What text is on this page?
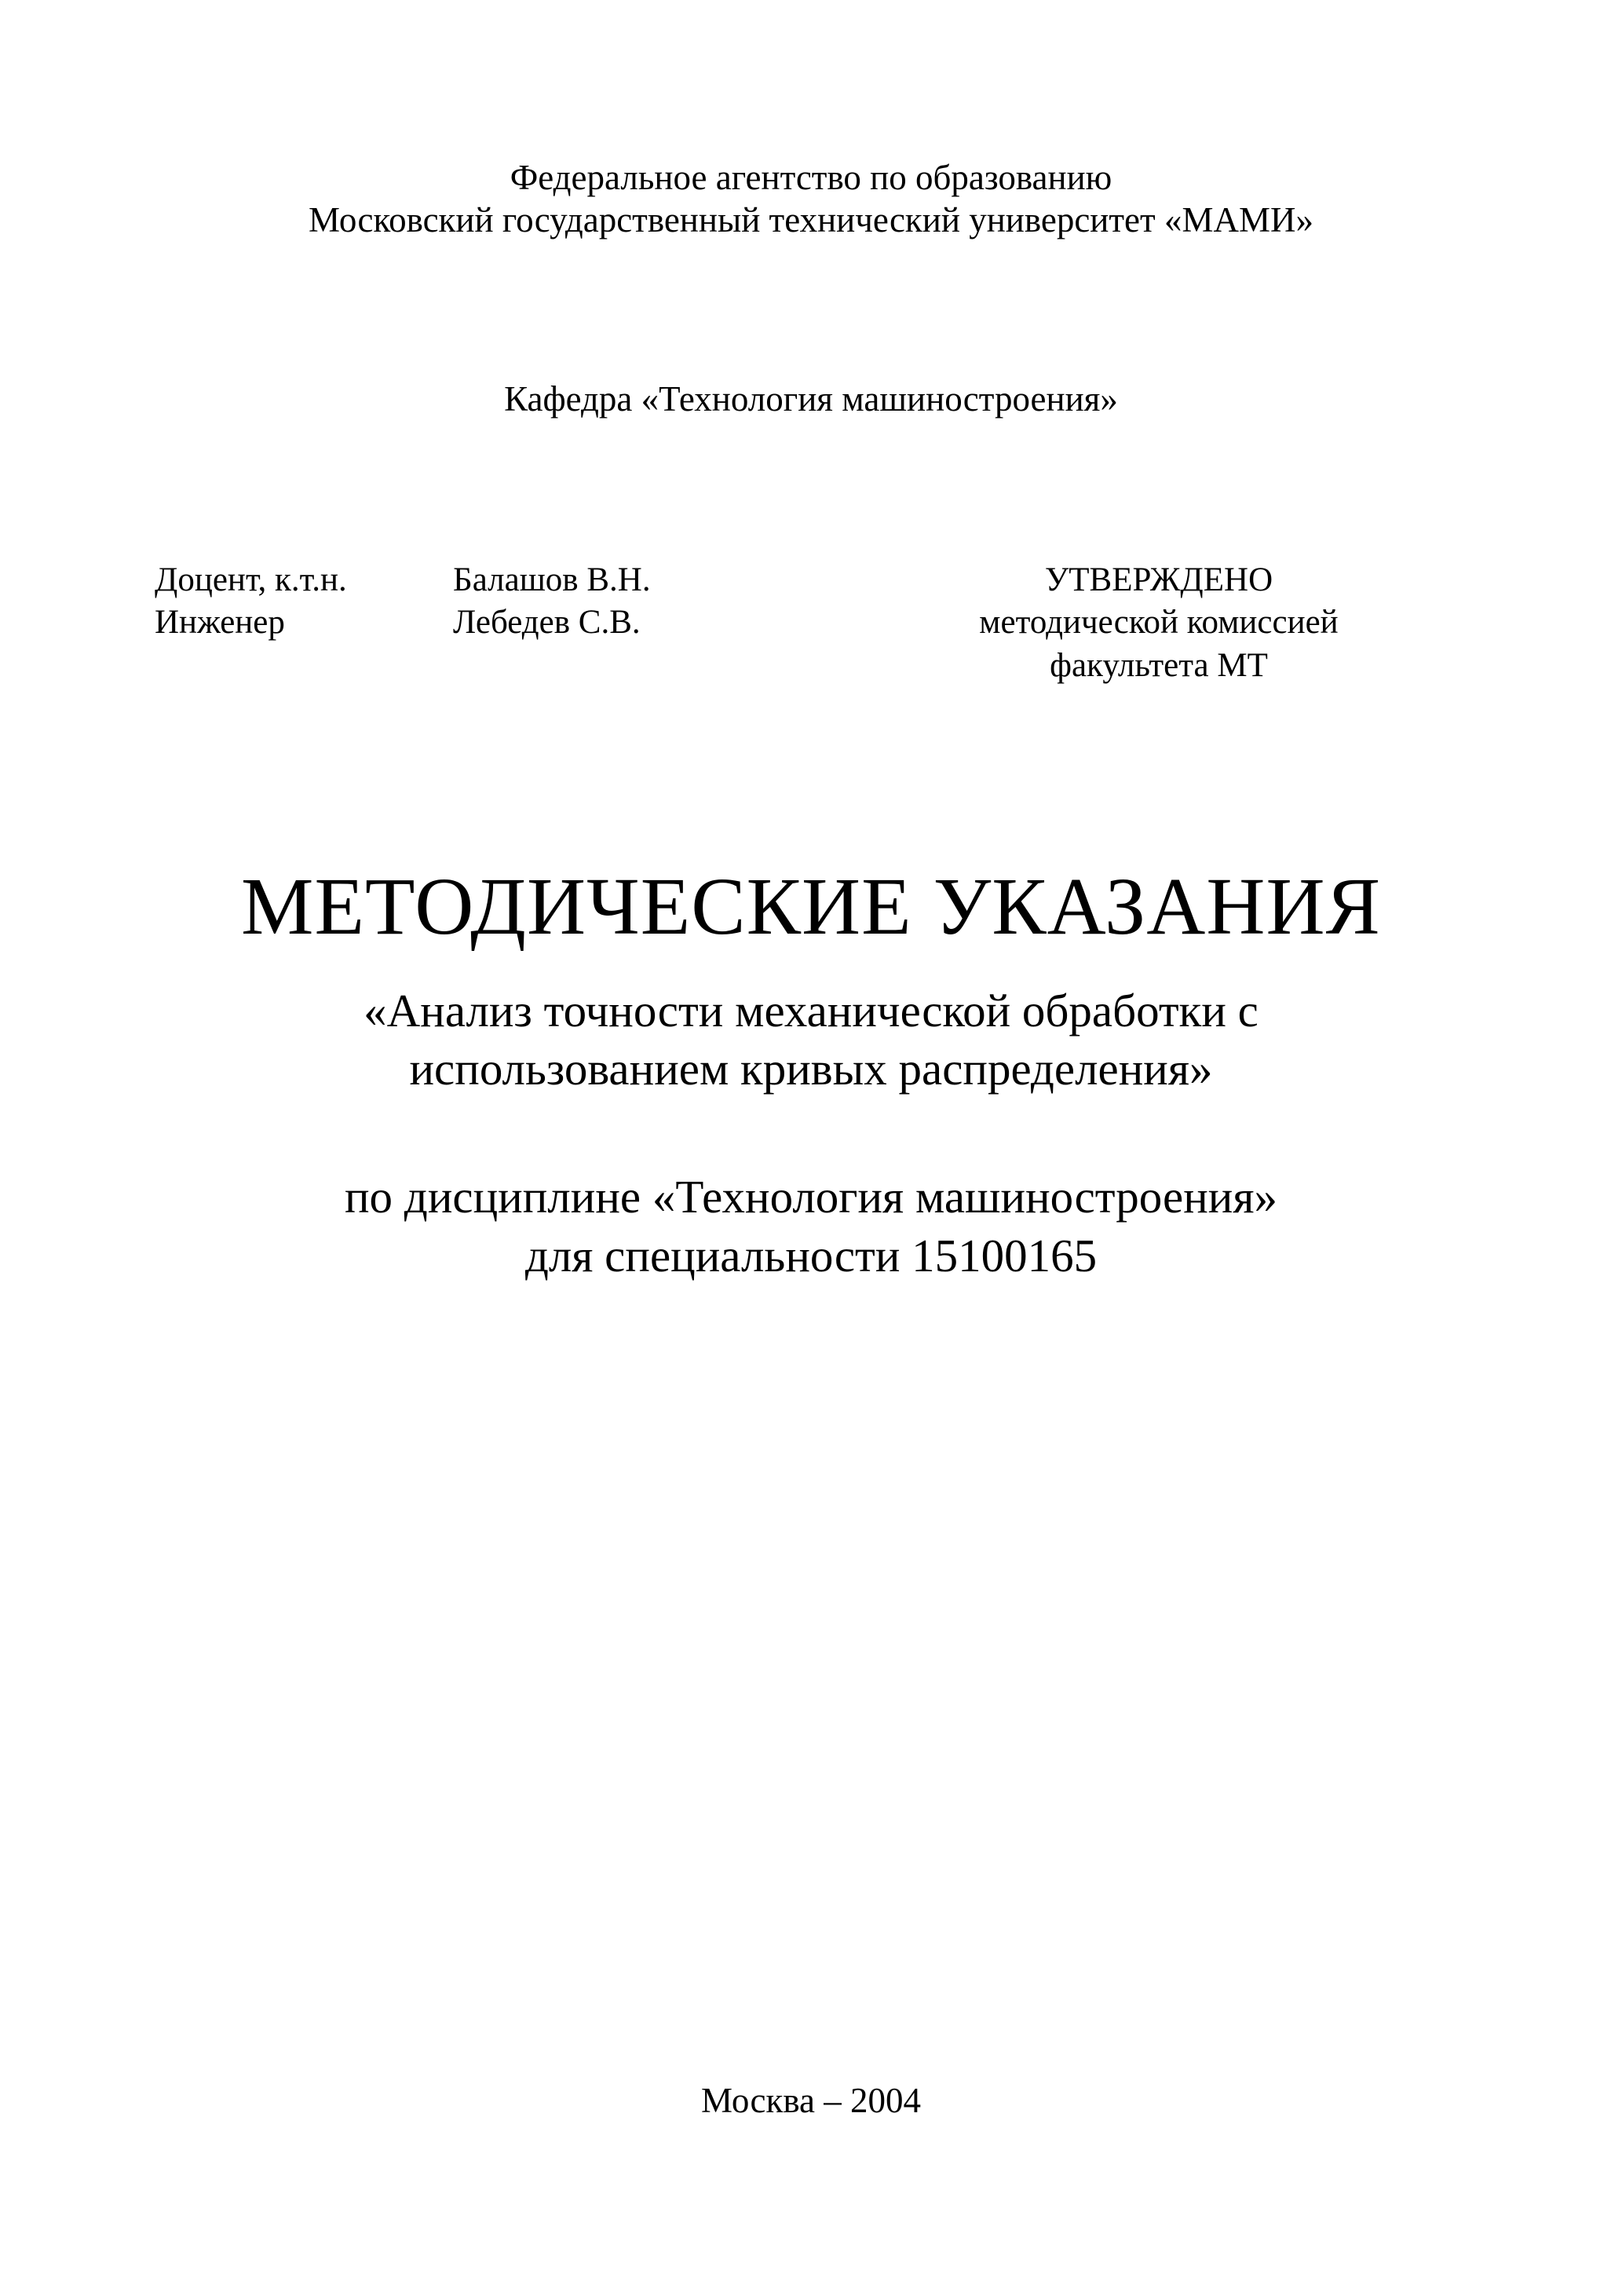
Федеральное агентство по образованию
Московский государственный технический университет «МАМИ»
Кафедра «Технология машиностроения»
Доцент, к.т.н.	Балашов В.Н.
Инженер	Лебедев С.В.
УТВЕРЖДЕНО
методической комиссией
факультета МТ
МЕТОДИЧЕСКИЕ УКАЗАНИЯ
«Анализ точности механической обработки с
использованием кривых распределения»
по дисциплине «Технология машиностроения»
для специальности 15100165
Москва – 2004
